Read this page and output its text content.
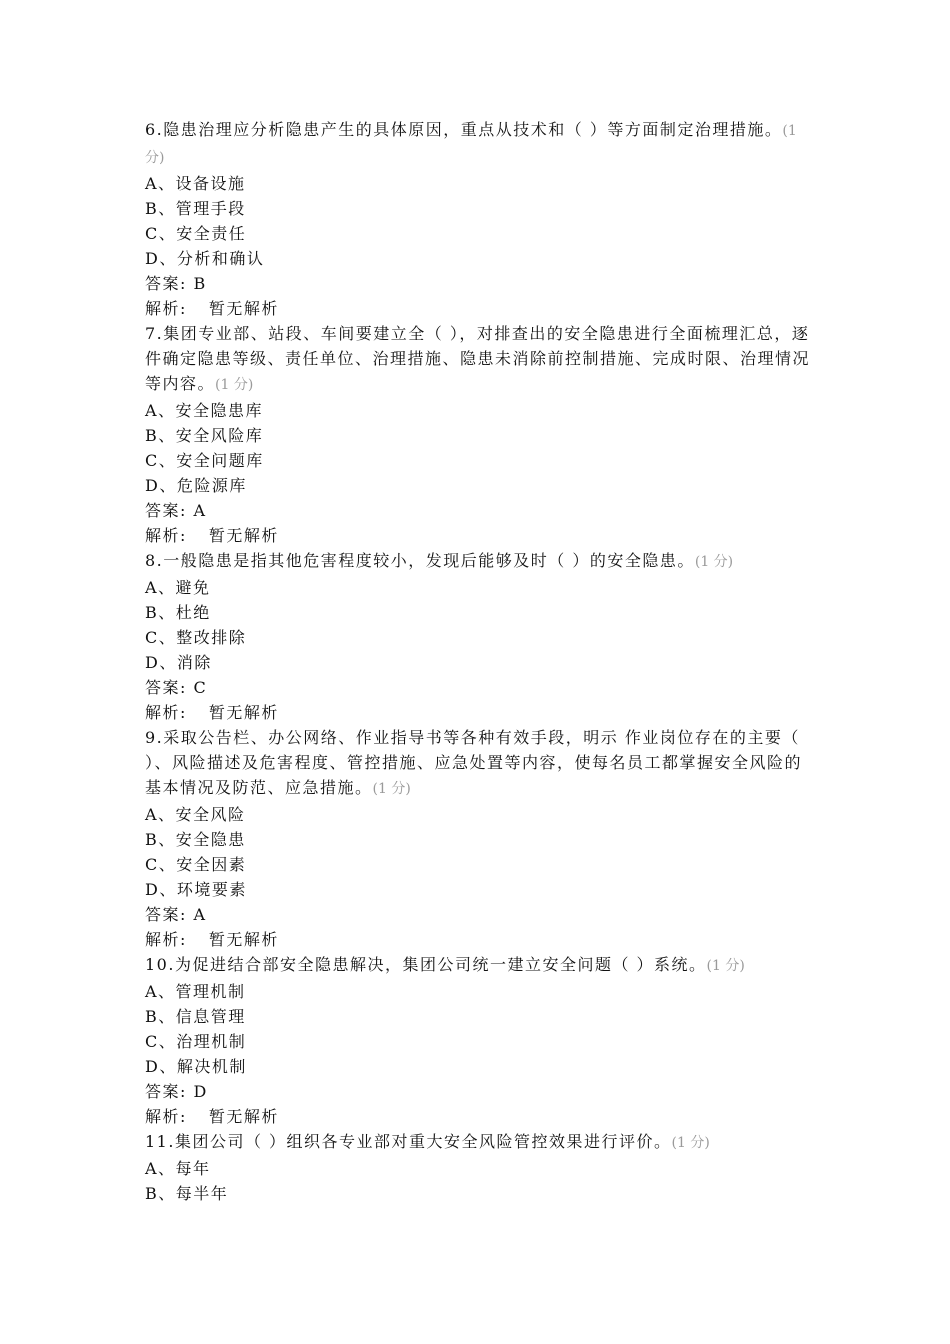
6.隐患治理应分析隐患产生的具体原因，重点从技术和（ ）等方面制定治理措施。(1 分)

A、设备设施

B、管理手段

C、安全责任

D、分析和确认

答案: B

解析: 暂无解析

7.集团专业部、站段、车间要建立全（ ），对排查出的安全隐患进行全面梳理汇总，逐件确定隐患等级、责任单位、治理措施、隐患未消除前控制措施、完成时限、治理情况等内容。(1 分)

A、安全隐患库

B、安全风险库

C、安全问题库

D、危险源库

答案: A

解析: 暂无解析

8.一般隐患是指其他危害程度较小，发现后能够及时（ ）的安全隐患。(1 分)

A、避免

B、杜绝

C、整改排除

D、消除

答案: C

解析: 暂无解析

9.采取公告栏、办公网络、作业指导书等各种有效手段，明示 作业岗位存在的主要（ ）、风险描述及危害程度、管控措施、应急处置等内容，使每名员工都掌握安全风险的基本情况及防范、应急措施。(1 分)

A、安全风险

B、安全隐患

C、安全因素

D、环境要素

答案: A

解析: 暂无解析

10.为促进结合部安全隐患解决，集团公司统一建立安全问题（ ）系统。(1 分)

A、管理机制

B、信息管理

C、治理机制

D、解决机制

答案: D

解析: 暂无解析

11.集团公司（ ）组织各专业部对重大安全风险管控效果进行评价。(1 分)

A、每年

B、每半年
